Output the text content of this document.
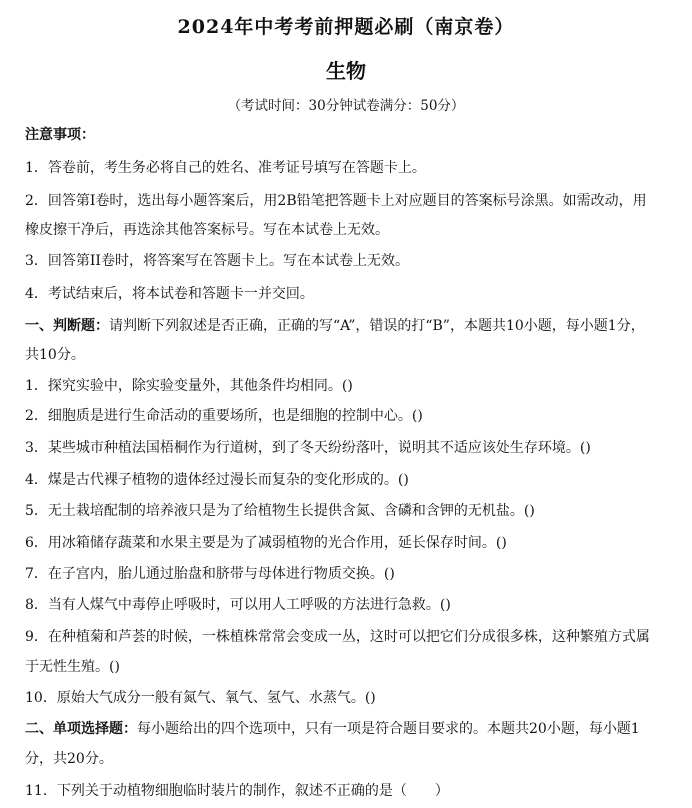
2024年中考考前押题必刷（南京卷）
生物
（考试时间：30分钟试卷满分：50分）
注意事项：
1．答卷前，考生务必将自己的姓名、准考证号填写在答题卡上。
2．回答第I卷时，选出每小题答案后，用2B铅笔把答题卡上对应题目的答案标号涂黑。如需改动，用
橡皮擦干净后，再选涂其他答案标号。写在本试卷上无效。
3．回答第II卷时，将答案写在答题卡上。写在本试卷上无效。
4．考试结束后，将本试卷和答题卡一并交回。
一、判断题：请判断下列叙述是否正确，正确的写“A”，错误的打“B”，本题共10小题，每小题1分，
共10分。
1．探究实验中，除实验变量外，其他条件均相同。()
2．细胞质是进行生命活动的重要场所，也是细胞的控制中心。()
3．某些城市种植法国梧桐作为行道树，到了冬天纷纷落叶，说明其不适应该处生存环境。()
4．煤是古代裸子植物的遗体经过漫长而复杂的变化形成的。()
5．无土栽培配制的培养液只是为了给植物生长提供含氮、含磷和含钾的无机盐。()
6．用冰箱储存蔬菜和水果主要是为了减弱植物的光合作用，延长保存时间。()
7．在子宫内，胎儿通过胎盘和脐带与母体进行物质交换。()
8．当有人煤气中毒停止呼吸时，可以用人工呼吸的方法进行急救。()
9．在种植菊和芦荟的时候，一株植株常常会变成一丛，这时可以把它们分成很多株，这种繁殖方式属
于无性生殖。()
10．原始大气成分一般有氮气、氧气、氢气、水蒸气。()
二、单项选择题：每小题给出的四个选项中，只有一项是符合题目要求的。本题共20小题，每小题1
分，共20分。
11．下列关于动植物细胞临时装片的制作，叙述不正确的是（　　）
